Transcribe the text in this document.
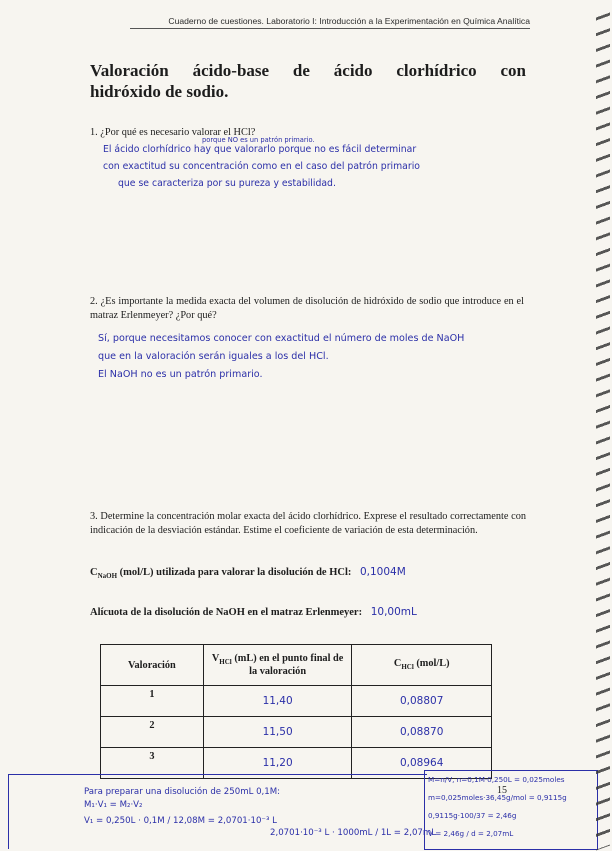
Cuaderno de cuestiones. Laboratorio I: Introducción a la Experimentación en Química Analítica
Valoración ácido-base de ácido clorhídrico con
hidróxido de sodio.
1. ¿Por qué es necesario valorar el HCl?
porque NO es un patrón primario.
El ácido clorhídrico hay que valorarlo porque no es fácil determinar
con exactitud su concentración como en el caso del patrón primario
que se caracteriza por su pureza y estabilidad.
2. ¿Es importante la medida exacta del volumen de disolución de hidróxido de sodio que introduce en el matraz Erlenmeyer? ¿Por qué?
Sí, porque necesitamos conocer con exactitud el número de moles de NaOH
que en la valoración serán iguales a los del HCl.
El NaOH no es un patrón primario.
3. Determine la concentración molar exacta del ácido clorhídrico. Exprese el resultado correctamente con indicación de la desviación estándar. Estime el coeficiente de variación de esta determinación.
$C_{NaOH}$ (mol/L) utilizada para valorar la disolución de HCl: 0,1004M
Alícuota de la disolución de NaOH en el matraz Erlenmeyer: 10,00mL
Valoración	$V_{HCl}$ (mL) en el punto final de la valoración	$C_{HCl}$ (mol/L)
1	11,40	0,08807
2	11,50	0,08870
3	11,20	0,08964
15
Para preparar una disolución de 250mL 0,1M:
M₁·V₁ = M₂·V₂
V₁ = 0,250L · 0,1M / 12,08M = 2,0701·10⁻³ L
2,0701·10⁻³ L · 1000mL / 1L = 2,07mL
M=n/V, n=0,1M·0,250L = 0,025moles
m=0,025moles·36,45g/mol = 0,9115g
0,9115g·100/37 = 2,46g
V = 2,46g / d = 2,07mL
